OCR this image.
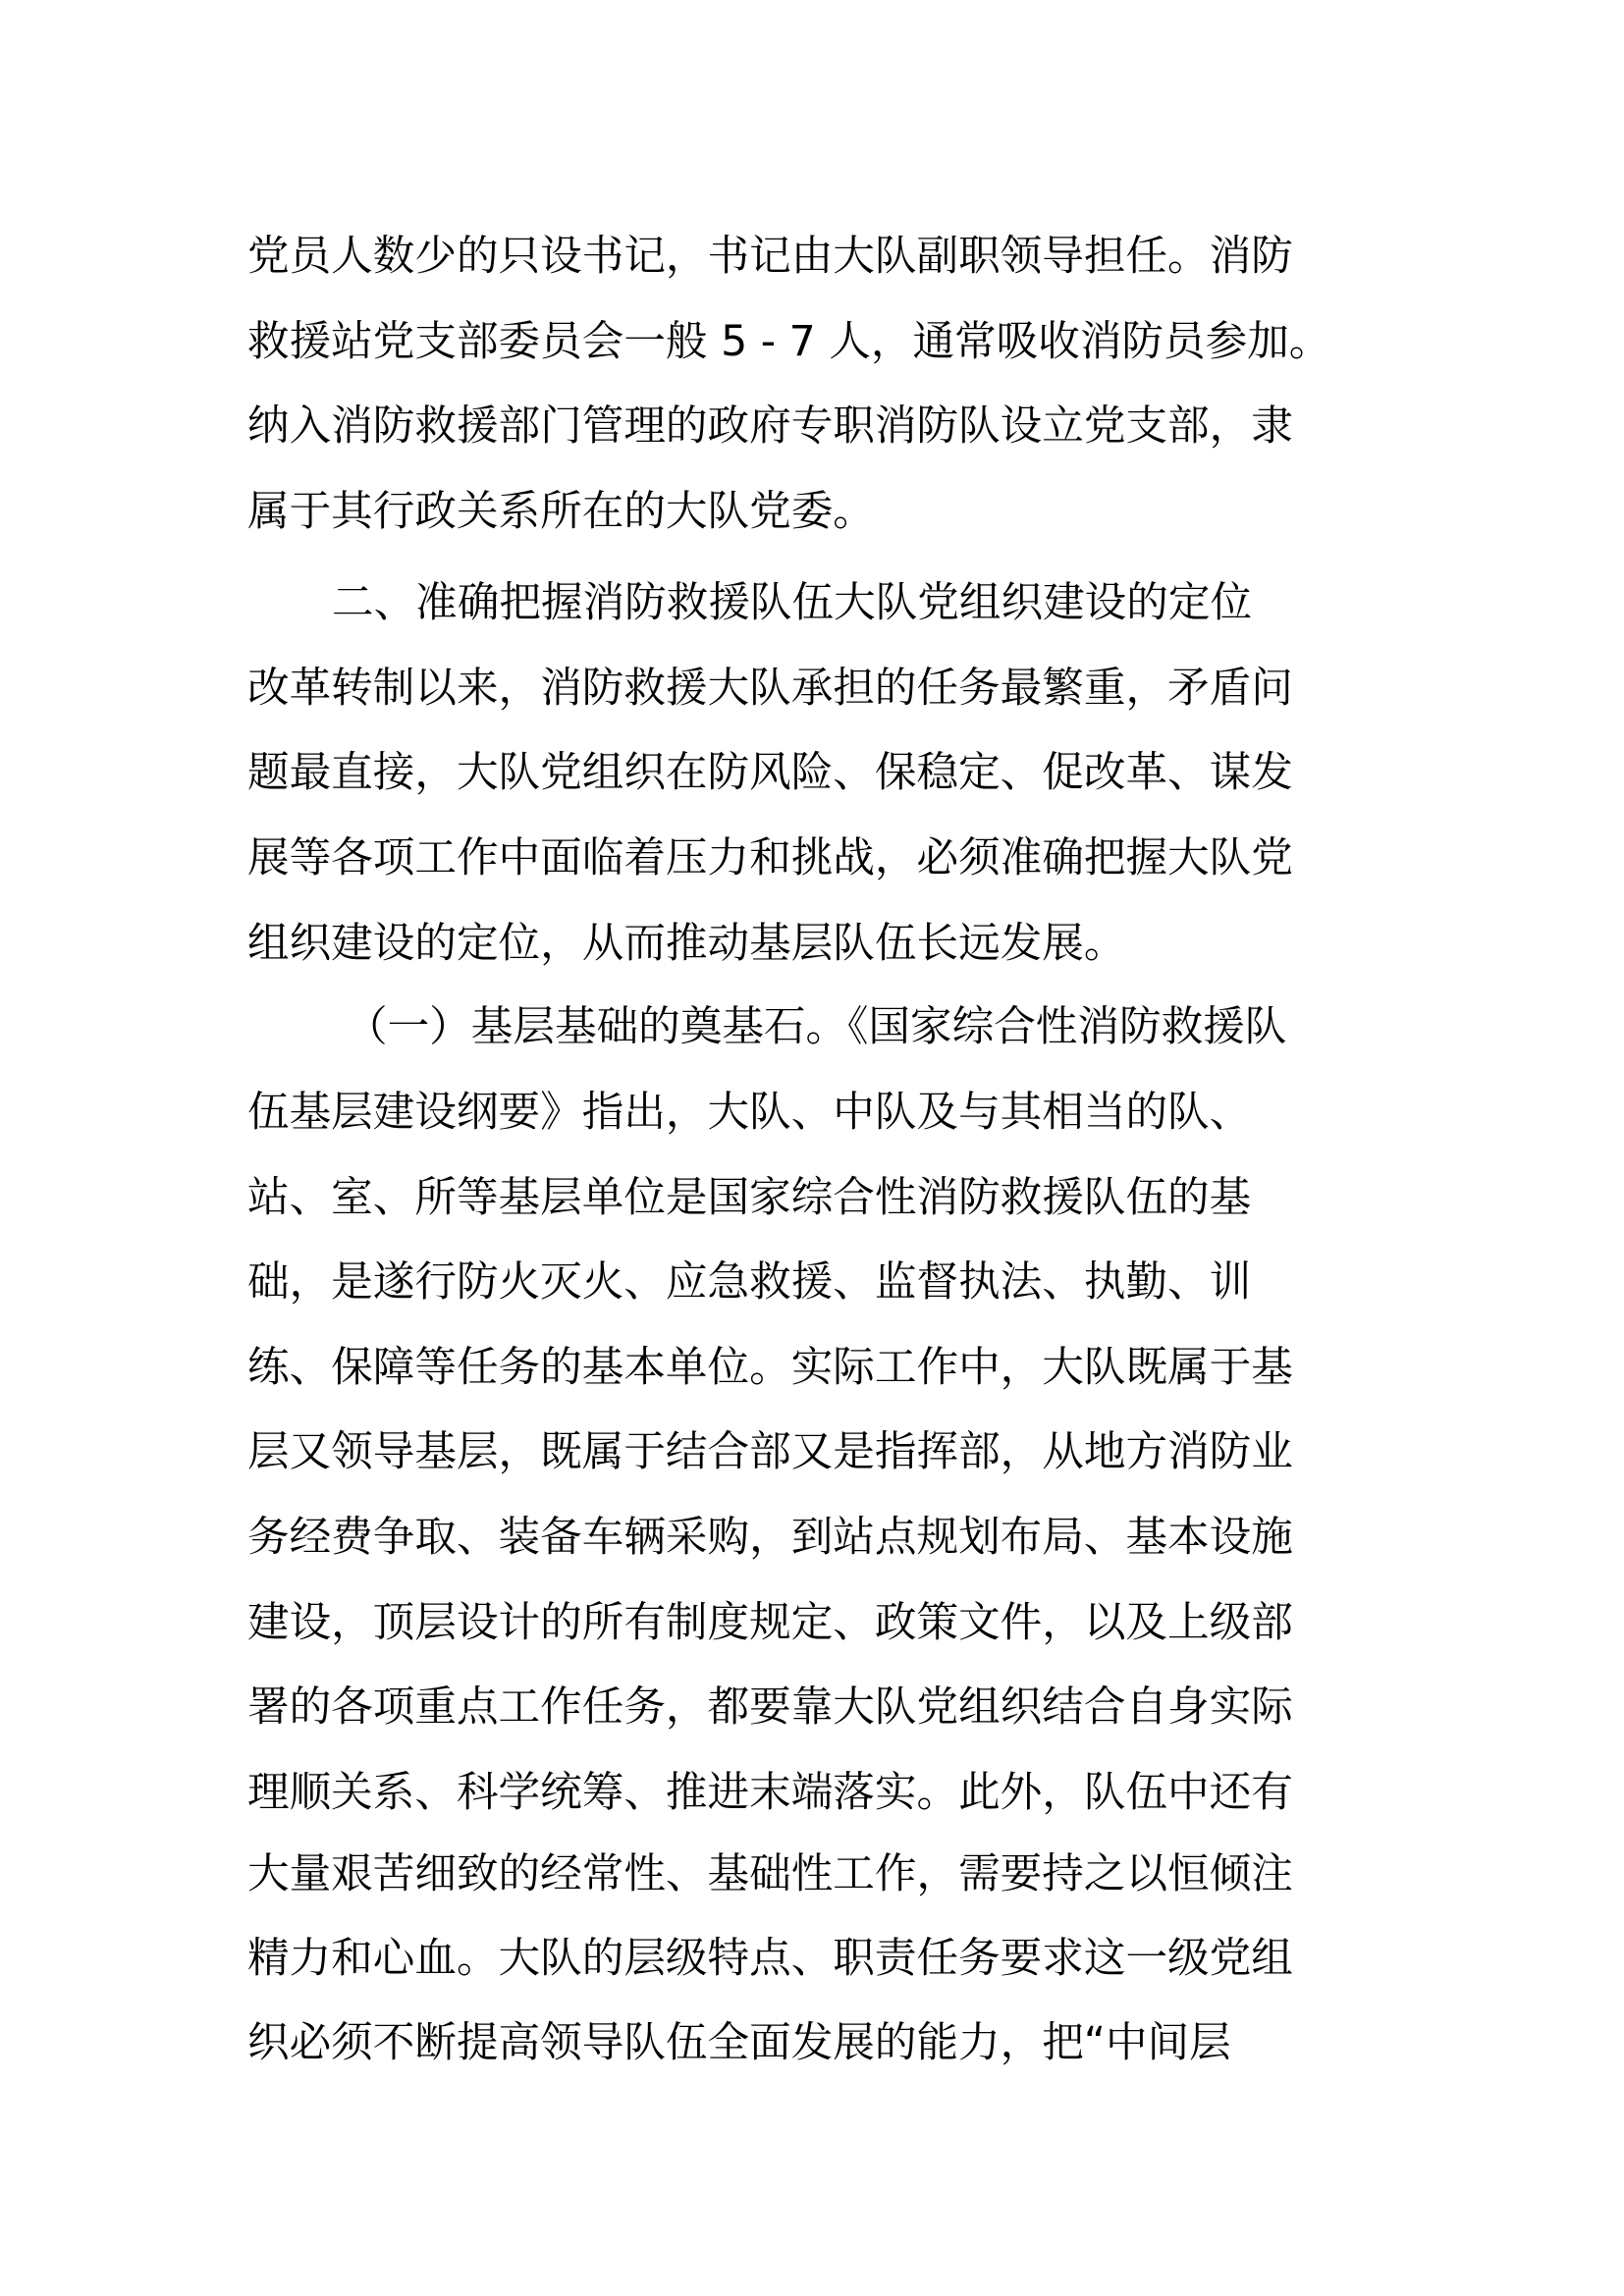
党员人数少的只设书记，书记由大队副职领导担任。消防
救援站党支部委员会一般 5 - 7 人，通常吸收消防员参加。
纳入消防救援部门管理的政府专职消防队设立党支部，隶
属于其行政关系所在的大队党委。
二、准确把握消防救援队伍大队党组织建设的定位
改革转制以来，消防救援大队承担的任务最繁重，矛盾问
题最直接，大队党组织在防风险、保稳定、促改革、谋发
展等各项工作中面临着压力和挑战，必须准确把握大队党
组织建设的定位，从而推动基层队伍长远发展。
（一）基层基础的奠基石。《国家综合性消防救援队
伍基层建设纲要》指出，大队、中队及与其相当的队、
站、室、所等基层单位是国家综合性消防救援队伍的基
础，是遂行防火灭火、应急救援、监督执法、执勤、训
练、保障等任务的基本单位。实际工作中，大队既属于基
层又领导基层，既属于结合部又是指挥部，从地方消防业
务经费争取、装备车辆采购，到站点规划布局、基本设施
建设，顶层设计的所有制度规定、政策文件，以及上级部
署的各项重点工作任务，都要靠大队党组织结合自身实际
理顺关系、科学统筹、推进末端落实。此外，队伍中还有
大量艰苦细致的经常性、基础性工作，需要持之以恒倾注
精力和心血。大队的层级特点、职责任务要求这一级党组
织必须不断提高领导队伍全面发展的能力，把“中间层
